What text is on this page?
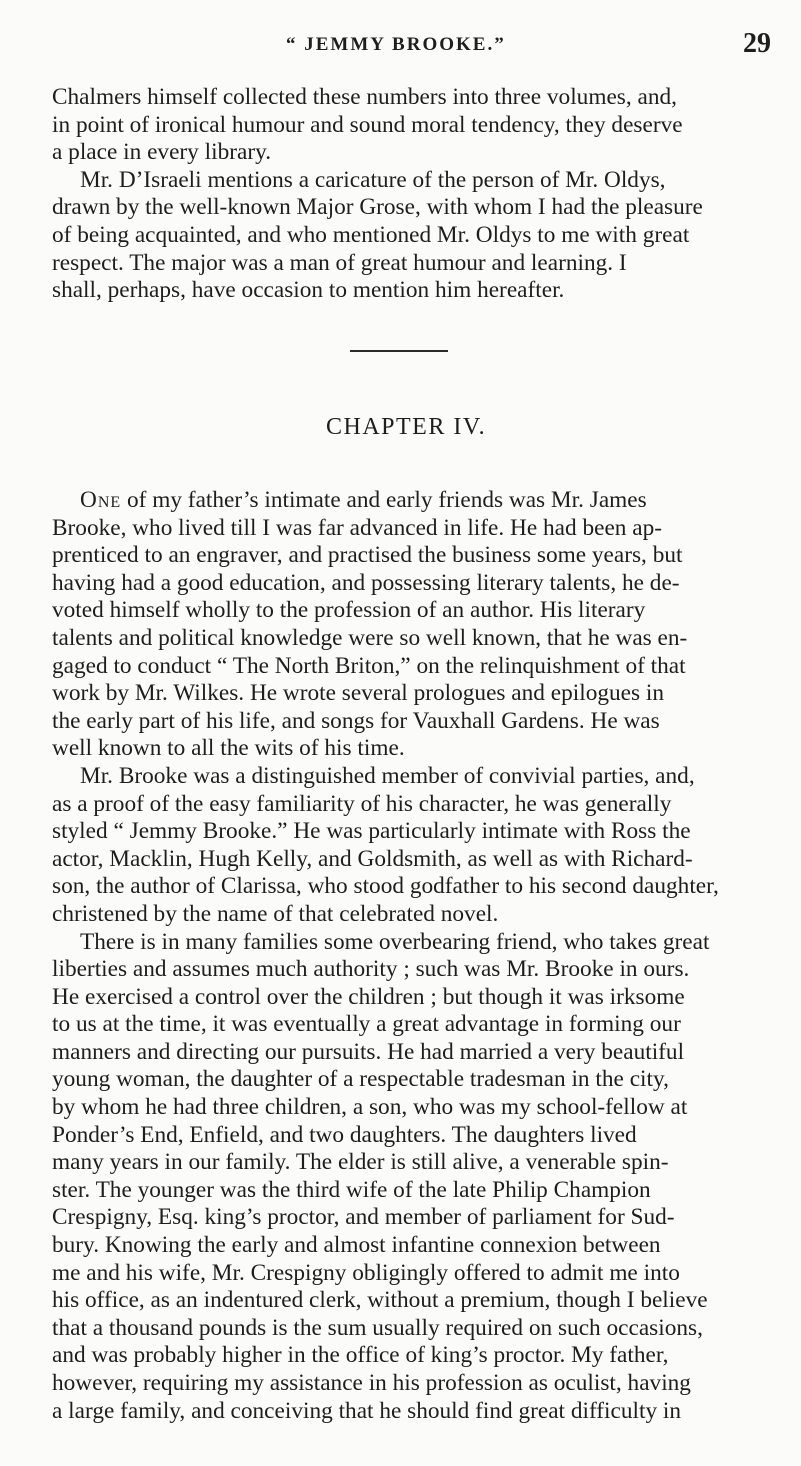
“ JEMMY BROOKE.”	29

Chalmers himself collected these numbers into three volumes, and,
in point of ironical humour and sound moral tendency, they deserve
a place in every library.

Mr. D’Israeli mentions a caricature of the person of Mr. Oldys,
drawn by the well-known Major Grose, with whom I had the pleasure
of being acquainted, and who mentioned Mr. Oldys to me with great
respect. The major was a man of great humour and learning. I
shall, perhaps, have occasion to mention him hereafter.

CHAPTER IV.

One of my father’s intimate and early friends was Mr. James
Brooke, who lived till I was far advanced in life. He had been ap-
prenticed to an engraver, and practised the business some years, but
having had a good education, and possessing literary talents, he de-
voted himself wholly to the profession of an author. His literary
talents and political knowledge were so well known, that he was en-
gaged to conduct “ The North Briton,” on the relinquishment of that
work by Mr. Wilkes. He wrote several prologues and epilogues in
the early part of his life, and songs for Vauxhall Gardens. He was
well known to all the wits of his time.

Mr. Brooke was a distinguished member of convivial parties, and,
as a proof of the easy familiarity of his character, he was generally
styled “ Jemmy Brooke.” He was particularly intimate with Ross the
actor, Macklin, Hugh Kelly, and Goldsmith, as well as with Richard-
son, the author of Clarissa, who stood godfather to his second daughter,
christened by the name of that celebrated novel.

There is in many families some overbearing friend, who takes great
liberties and assumes much authority ; such was Mr. Brooke in ours.
He exercised a control over the children ; but though it was irksome
to us at the time, it was eventually a great advantage in forming our
manners and directing our pursuits. He had married a very beautiful
young woman, the daughter of a respectable tradesman in the city,
by whom he had three children, a son, who was my school-fellow at
Ponder’s End, Enfield, and two daughters. The daughters lived
many years in our family. The elder is still alive, a venerable spin-
ster. The younger was the third wife of the late Philip Champion
Crespigny, Esq. king’s proctor, and member of parliament for Sud-
bury. Knowing the early and almost infantine connexion between
me and his wife, Mr. Crespigny obligingly offered to admit me into
his office, as an indentured clerk, without a premium, though I believe
that a thousand pounds is the sum usually required on such occasions,
and was probably higher in the office of king’s proctor. My father,
however, requiring my assistance in his profession as oculist, having
a large family, and conceiving that he should find great difficulty in
